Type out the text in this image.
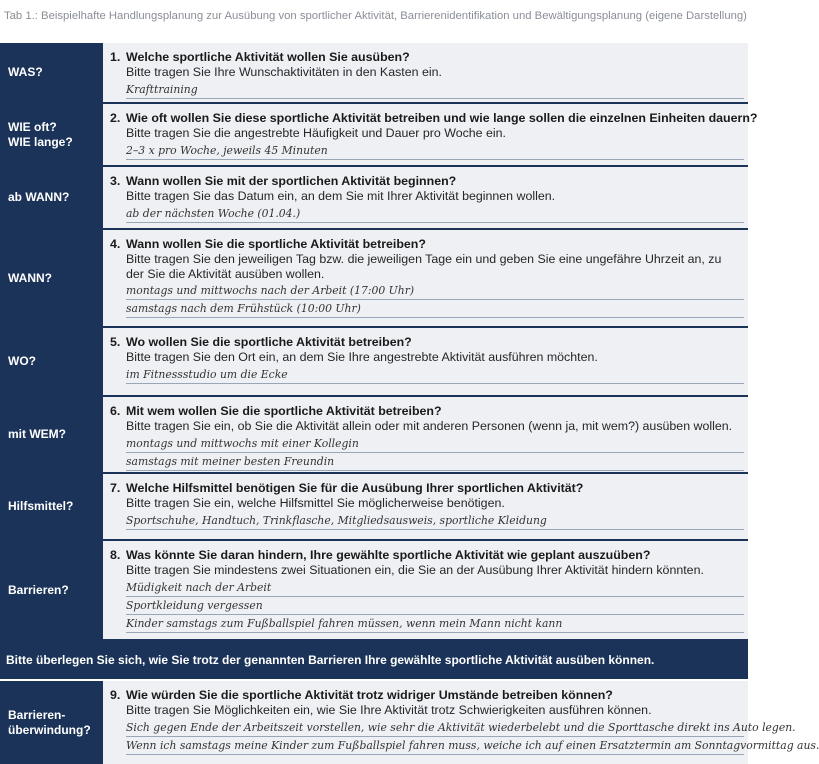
Tab 1.: Beispielhafte Handlungsplanung zur Ausübung von sportlicher Aktivität, Barrierenidentifikation und Bewältigungsplanung (eigene Darstellung)
WAS?
1. Welche sportliche Aktivität wollen Sie ausüben?
Bitte tragen Sie Ihre Wunschaktivitäten in den Kasten ein.
Krafttraining
WIE oft?
WIE lange?
2. Wie oft wollen Sie diese sportliche Aktivität betreiben und wie lange sollen die einzelnen Einheiten dauern?
Bitte tragen Sie die angestrebte Häufigkeit und Dauer pro Woche ein.
2–3 x pro Woche, jeweils 45 Minuten
ab WANN?
3. Wann wollen Sie mit der sportlichen Aktivität beginnen?
Bitte tragen Sie das Datum ein, an dem Sie mit Ihrer Aktivität beginnen wollen.
ab der nächsten Woche (01.04.)
WANN?
4. Wann wollen Sie die sportliche Aktivität betreiben?
Bitte tragen Sie den jeweiligen Tag bzw. die jeweiligen Tage ein und geben Sie eine ungefähre Uhrzeit an, zu der Sie die Aktivität ausüben wollen.
montags und mittwochs nach der Arbeit (17:00 Uhr)
samstags nach dem Frühstück (10:00 Uhr)
WO?
5. Wo wollen Sie die sportliche Aktivität betreiben?
Bitte tragen Sie den Ort ein, an dem Sie Ihre angestrebte Aktivität ausführen möchten.
im Fitnessstudio um die Ecke
mit WEM?
6. Mit wem wollen Sie die sportliche Aktivität betreiben?
Bitte tragen Sie ein, ob Sie die Aktivität allein oder mit anderen Personen (wenn ja, mit wem?) ausüben wollen.
montags und mittwochs mit einer Kollegin
samstags mit meiner besten Freundin
Hilfsmittel?
7. Welche Hilfsmittel benötigen Sie für die Ausübung Ihrer sportlichen Aktivität?
Bitte tragen Sie ein, welche Hilfsmittel Sie möglicherweise benötigen.
Sportschuhe, Handtuch, Trinkflasche, Mitgliedsausweis, sportliche Kleidung
Barrieren?
8. Was könnte Sie daran hindern, Ihre gewählte sportliche Aktivität wie geplant auszuüben?
Bitte tragen Sie mindestens zwei Situationen ein, die Sie an der Ausübung Ihrer Aktivität hindern könnten.
Müdigkeit nach der Arbeit
Sportkleidung vergessen
Kinder samstags zum Fußballspiel fahren müssen, wenn mein Mann nicht kann
Bitte überlegen Sie sich, wie Sie trotz der genannten Barrieren Ihre gewählte sportliche Aktivität ausüben können.
Barrieren-
überwindung?
9. Wie würden Sie die sportliche Aktivität trotz widriger Umstände betreiben können?
Bitte tragen Sie Möglichkeiten ein, wie Sie Ihre Aktivität trotz Schwierigkeiten ausführen können.
Sich gegen Ende der Arbeitszeit vorstellen, wie sehr die Aktivität wiederbelebt und die Sporttasche direkt ins Auto legen.
Wenn ich samstags meine Kinder zum Fußballspiel fahren muss, weiche ich auf einen Ersatztermin am Sonntagvormittag aus.
